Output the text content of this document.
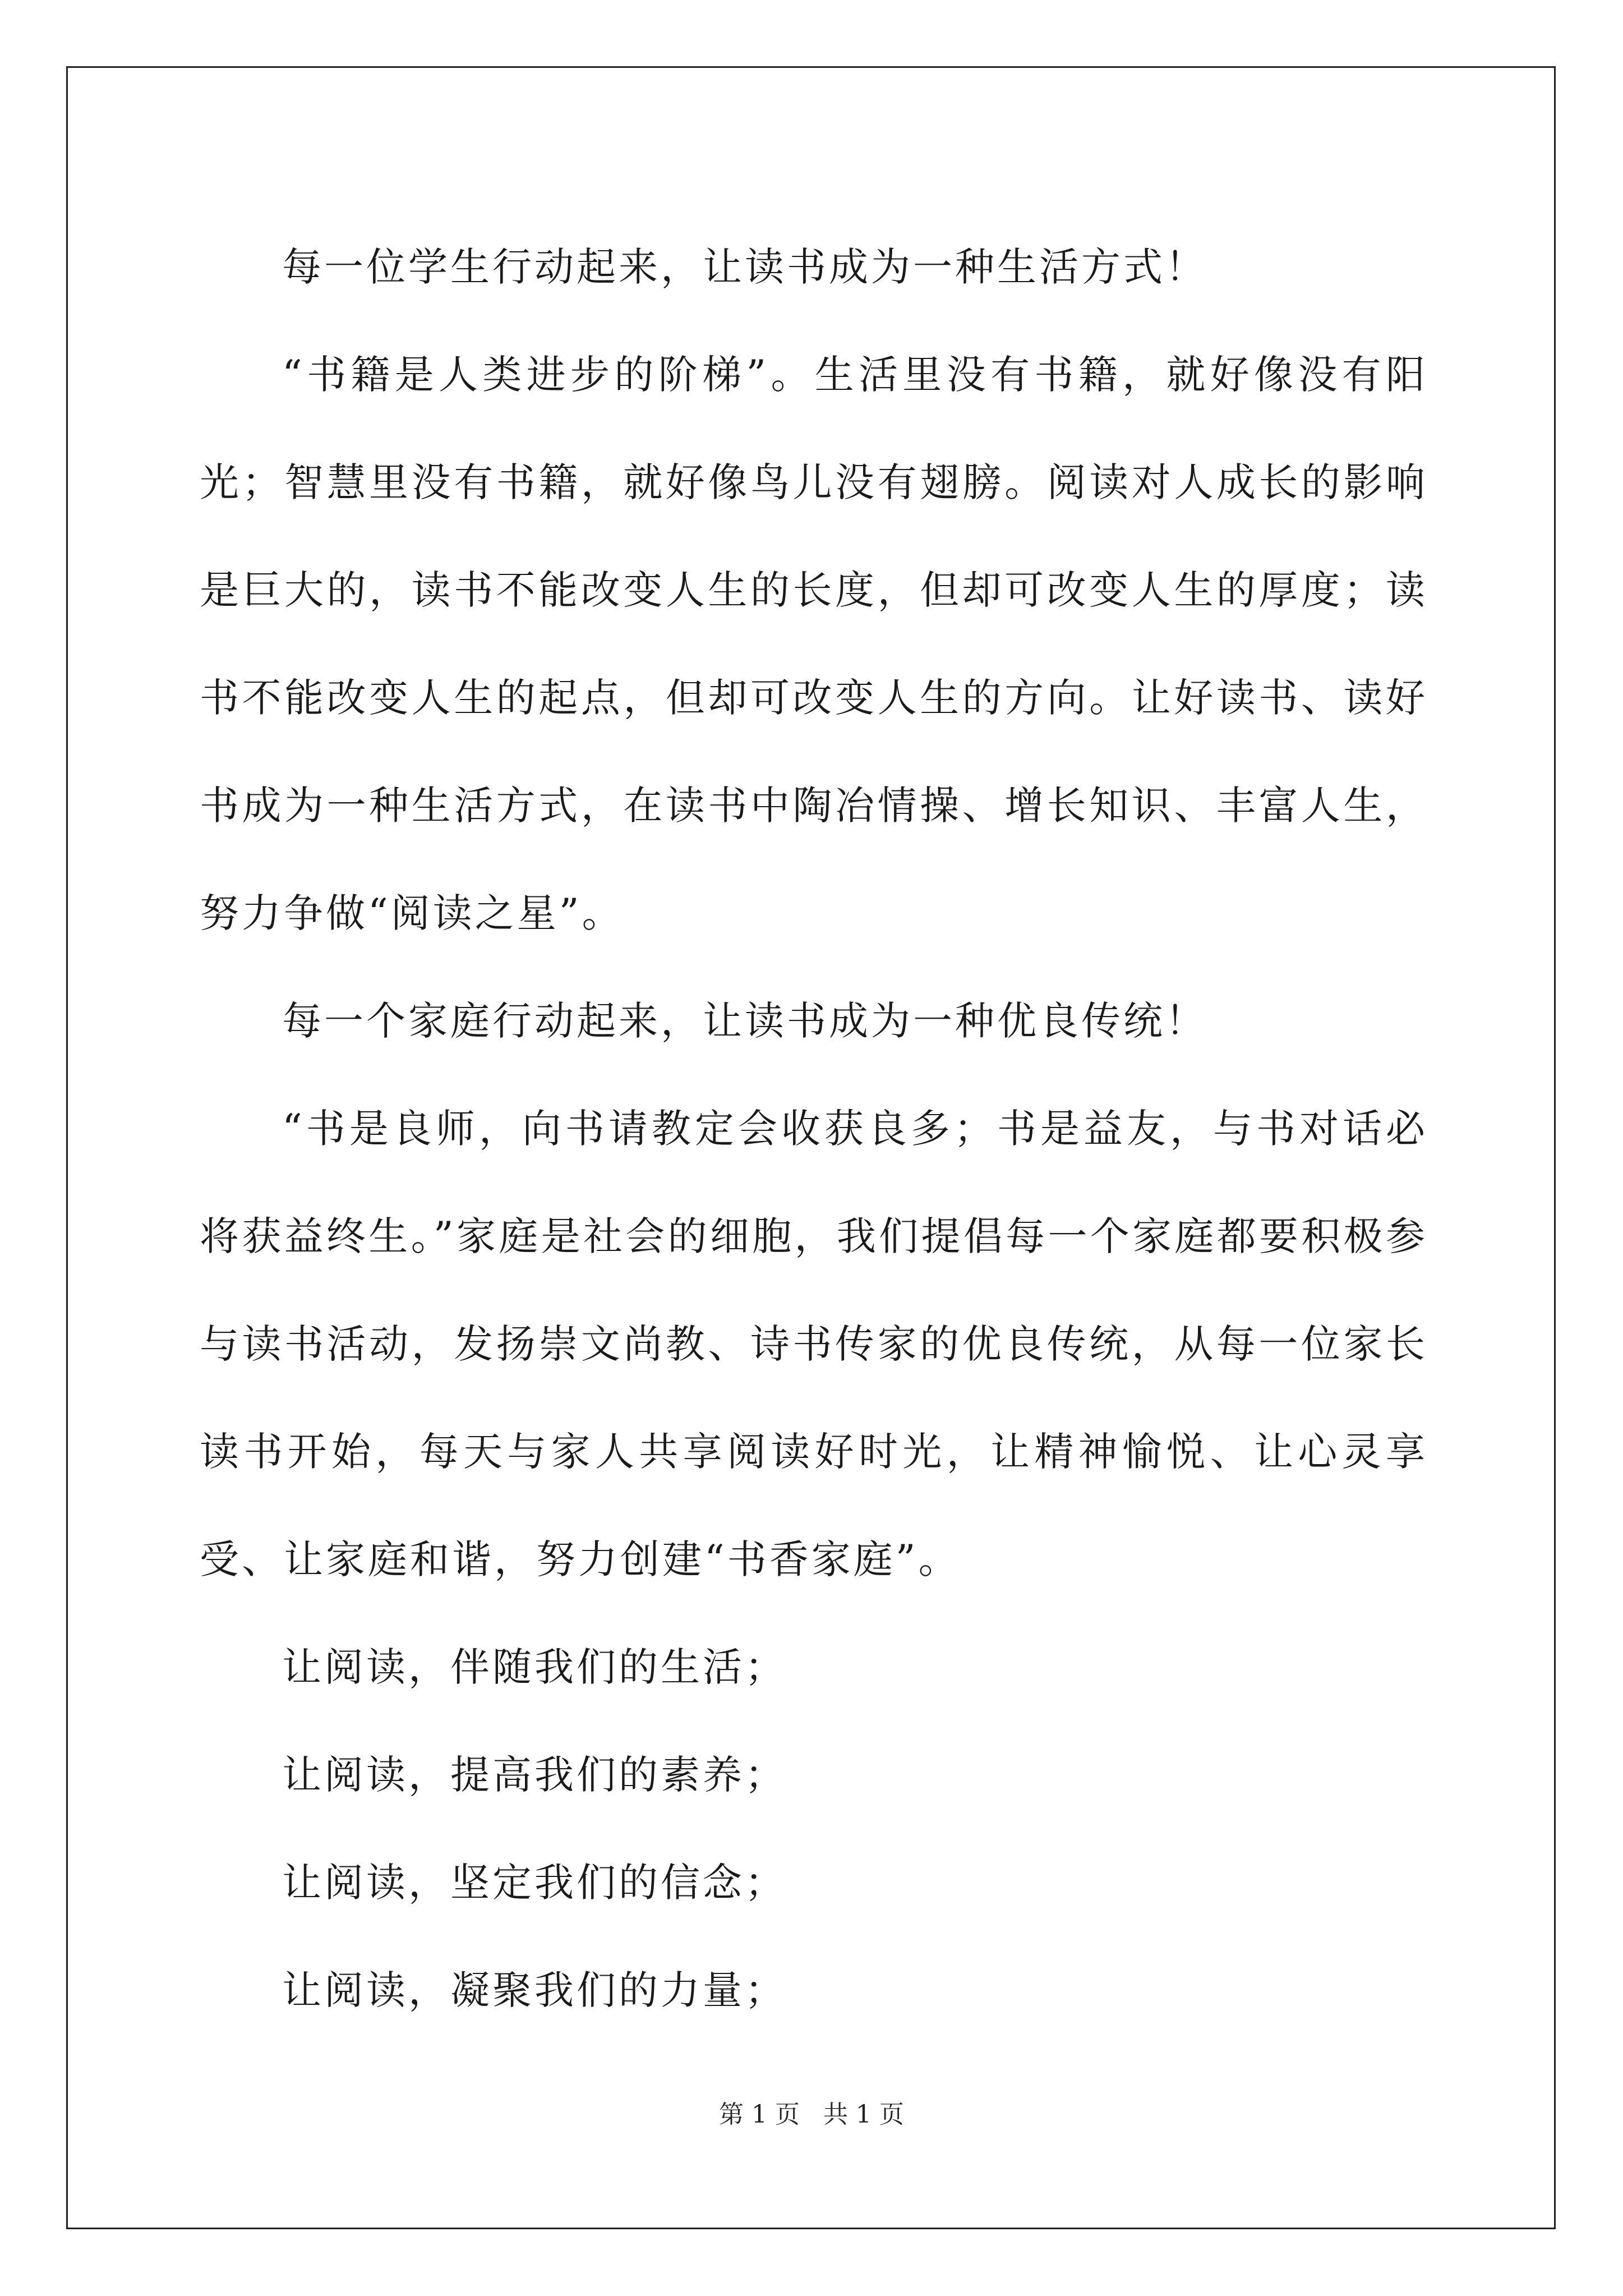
每一位学生行动起来，让读书成为一种生活方式！

“书籍是人类进步的阶梯”。生活里没有书籍，就好像没有阳光；智慧里没有书籍，就好像鸟儿没有翅膀。阅读对人成长的影响是巨大的，读书不能改变人生的长度，但却可改变人生的厚度；读书不能改变人生的起点，但却可改变人生的方向。让好读书、读好书成为一种生活方式，在读书中陶冶情操、增长知识、丰富人生，努力争做“阅读之星”。

每一个家庭行动起来，让读书成为一种优良传统！

“书是良师，向书请教定会收获良多；书是益友，与书对话必将获益终生。”家庭是社会的细胞，我们提倡每一个家庭都要积极参与读书活动，发扬崇文尚教、诗书传家的优良传统，从每一位家长读书开始，每天与家人共享阅读好时光，让精神愉悦、让心灵享受、让家庭和谐，努力创建“书香家庭”。

让阅读，伴随我们的生活；

让阅读，提高我们的素养；

让阅读，坚定我们的信念；

让阅读，凝聚我们的力量；

第 1 页   共 1 页
